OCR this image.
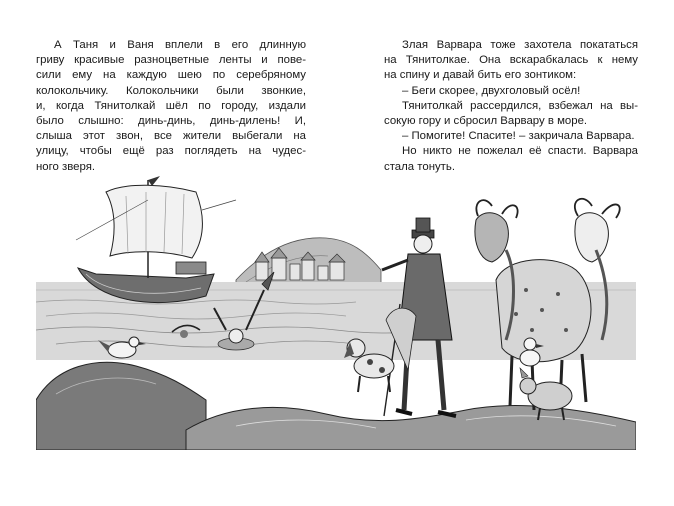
А Таня и Ваня вплели в его длинную
гриву красивые разноцветные ленты и пове-
сили ему на каждую шею по серебряному
колокольчику. Колокольчики были звонкие,
и, когда Тянитолкай шёл по городу, издали
было слышно: динь-динь, динь-дилень! И,
слыша этот звон, все жители выбегали на
улицу, чтобы ещё раз поглядеть на чудес-
ного зверя.
Злая Варвара тоже захотела покататься
на Тянитолкае. Она вскарабкалась к нему
на спину и давай бить его зонтиком:
– Беги скорее, двухголовый осёл!
Тянитолкай рассердился, взбежал на вы-
сокую гору и сбросил Варвару в море.
– Помогите! Спасите! – закричала Варвара.
Но никто не пожелал её спасти. Варвара
стала тонуть.
